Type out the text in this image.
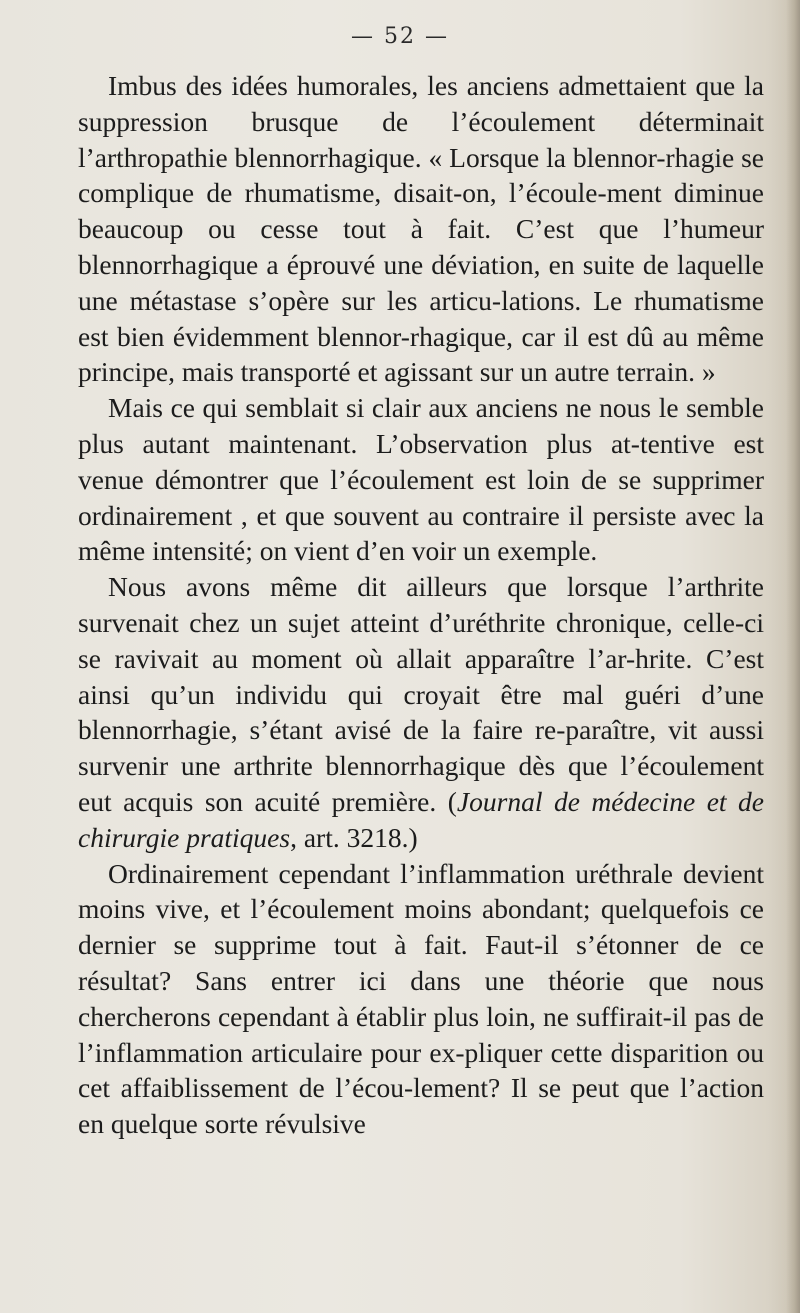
— 52 —

Imbus des idées humorales, les anciens admettaient que la suppression brusque de l’écoulement déterminait l’arthropathie blennorrhagique. « Lorsque la blennor-rhagie se complique de rhumatisme, disait-on, l’écoule-ment diminue beaucoup ou cesse tout à fait. C’est que l’humeur blennorrhagique a éprouvé une déviation, en suite de laquelle une métastase s’opère sur les articu-lations. Le rhumatisme est bien évidemment blennor-rhagique, car il est dû au même principe, mais transporté et agissant sur un autre terrain. »

Mais ce qui semblait si clair aux anciens ne nous le semble plus autant maintenant. L’observation plus at-tentive est venue démontrer que l’écoulement est loin de se supprimer ordinairement , et que souvent au contraire il persiste avec la même intensité; on vient d’en voir un exemple.

Nous avons même dit ailleurs que lorsque l’arthrite survenait chez un sujet atteint d’uréthrite chronique, celle-ci se ravivait au moment où allait apparaître l’ar-hrite. C’est ainsi qu’un individu qui croyait être mal guéri d’une blennorrhagie, s’étant avisé de la faire re-paraître, vit aussi survenir une arthrite blennorrhagique dès que l’écoulement eut acquis son acuité première. (Journal de médecine et de chirurgie pratiques, art. 3218.)

Ordinairement cependant l’inflammation uréthrale devient moins vive, et l’écoulement moins abondant; quelquefois ce dernier se supprime tout à fait. Faut-il s’étonner de ce résultat? Sans entrer ici dans une théorie que nous chercherons cependant à établir plus loin, ne suffirait-il pas de l’inflammation articulaire pour ex-pliquer cette disparition ou cet affaiblissement de l’écou-lement? Il se peut que l’action en quelque sorte révulsive
